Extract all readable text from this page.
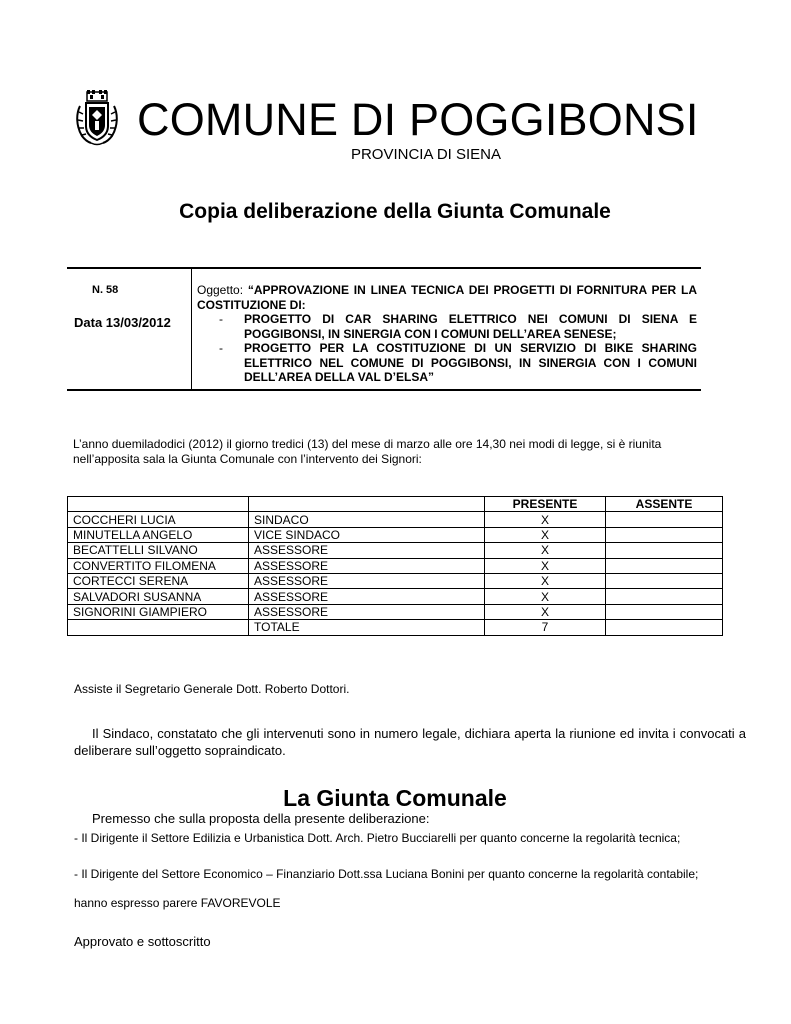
COMUNE DI POGGIBONSI
PROVINCIA DI SIENA
Copia deliberazione della Giunta Comunale
N. 58
Data 13/03/2012

Oggetto: “APPROVAZIONE IN LINEA TECNICA DEI PROGETTI DI FORNITURA PER LA COSTITUZIONE DI:

- PROGETTO DI CAR SHARING ELETTRICO NEI COMUNI DI SIENA E POGGIBONSI, IN SINERGIA CON I COMUNI DELL’AREA SENESE;
- PROGETTO PER LA COSTITUZIONE DI UN SERVIZIO DI BIKE SHARING ELETTRICO NEL COMUNE DI POGGIBONSI, IN SINERGIA CON I COMUNI DELL’AREA DELLA VAL D’ELSA”
L’anno duemiladodici (2012) il giorno tredici (13) del mese di marzo alle ore 14,30 nei modi di legge, si è riunita nell’apposita sala la Giunta Comunale con l’intervento dei Signori:
		PRESENTE	ASSENTE
COCCHERI LUCIA	SINDACO	X	
MINUTELLA ANGELO	VICE SINDACO	X	
BECATTELLI SILVANO	ASSESSORE	X	
CONVERTITO FILOMENA	ASSESSORE	X	
CORTECCI SERENA	ASSESSORE	X	
SALVADORI SUSANNA	ASSESSORE	X	
SIGNORINI GIAMPIERO	ASSESSORE	X	
	TOTALE	7	
Assiste il Segretario Generale Dott. Roberto Dottori.
Il Sindaco, constatato che gli intervenuti sono in numero legale, dichiara aperta la riunione ed invita i convocati a deliberare sull’oggetto sopraindicato.
La Giunta Comunale
Premesso che sulla proposta della presente deliberazione:
- Il Dirigente il Settore Edilizia e Urbanistica Dott. Arch. Pietro Bucciarelli per quanto concerne la regolarità tecnica;
- Il Dirigente del Settore Economico – Finanziario Dott.ssa Luciana Bonini per quanto concerne la regolarità contabile;
hanno espresso parere FAVOREVOLE
Approvato e sottoscritto
